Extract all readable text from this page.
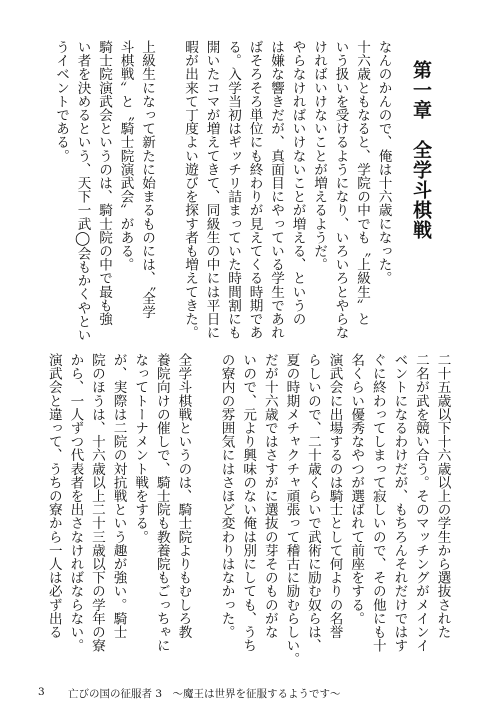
第一章　全学斗棋戦
なんのかんので、俺は十六歳になった。
十六歳ともなると、学院の中でも〝上級生〟と
いう扱いを受けるようになり、いろいろとやらな
ければいけないことが増えるようだ。
やらなければいけないことが増える、というの
は嫌な響きだが、真面目にやっている学生であれ
ばそろそろ単位にも終わりが見えてくる時期であ
る。入学当初はギッチリ詰まっていた時間割にも
開いたコマが増えてきて、同級生の中には平日に
暇が出来て丁度よい遊びを探す者も増えてきた。
上級生になって新たに始まるものには、〝全学
斗棋戦〟と〝騎士院演武会〟がある。
騎士院演武会というのは、騎士院の中で最も強
い者を決めるという、天下一武◯会もかくやとい
うイベントである。
二十五歳以下十六歳以上の学生から選抜された
二名が武を競い合う。そのマッチングがメインイ
ベントになるわけだが、もちろんそれだけではす
ぐに終わってしまって寂しいので、その他にも十
名くらい優秀なやつが選ばれて前座をする。
演武会に出場するのは騎士として何よりの名誉
らしいので、二十歳くらいで武術に励む奴らは、
夏の時期メチャクチャ頑張って稽古に励むらしい。
だが十六歳ではさすがに選抜の芽そのものがな
いので、元より興味のない俺は別にしても、うち
の寮内の雰囲気にはさほど変わりはなかった。
全学斗棋戦というのは、騎士院よりもむしろ教
養院向けの催しで、騎士院も教養院もごっちゃに
なってトーナメント戦をする。
が、実際は二院の対抗戦という趣が強い。騎士
院のほうは、十六歳以上二十三歳以下の学年の寮
から、一人ずつ代表者を出さなければならない。
演武会と違って、うちの寮から一人は必ず出る
3 亡びの国の征服者 3　～魔王は世界を征服するようです～
